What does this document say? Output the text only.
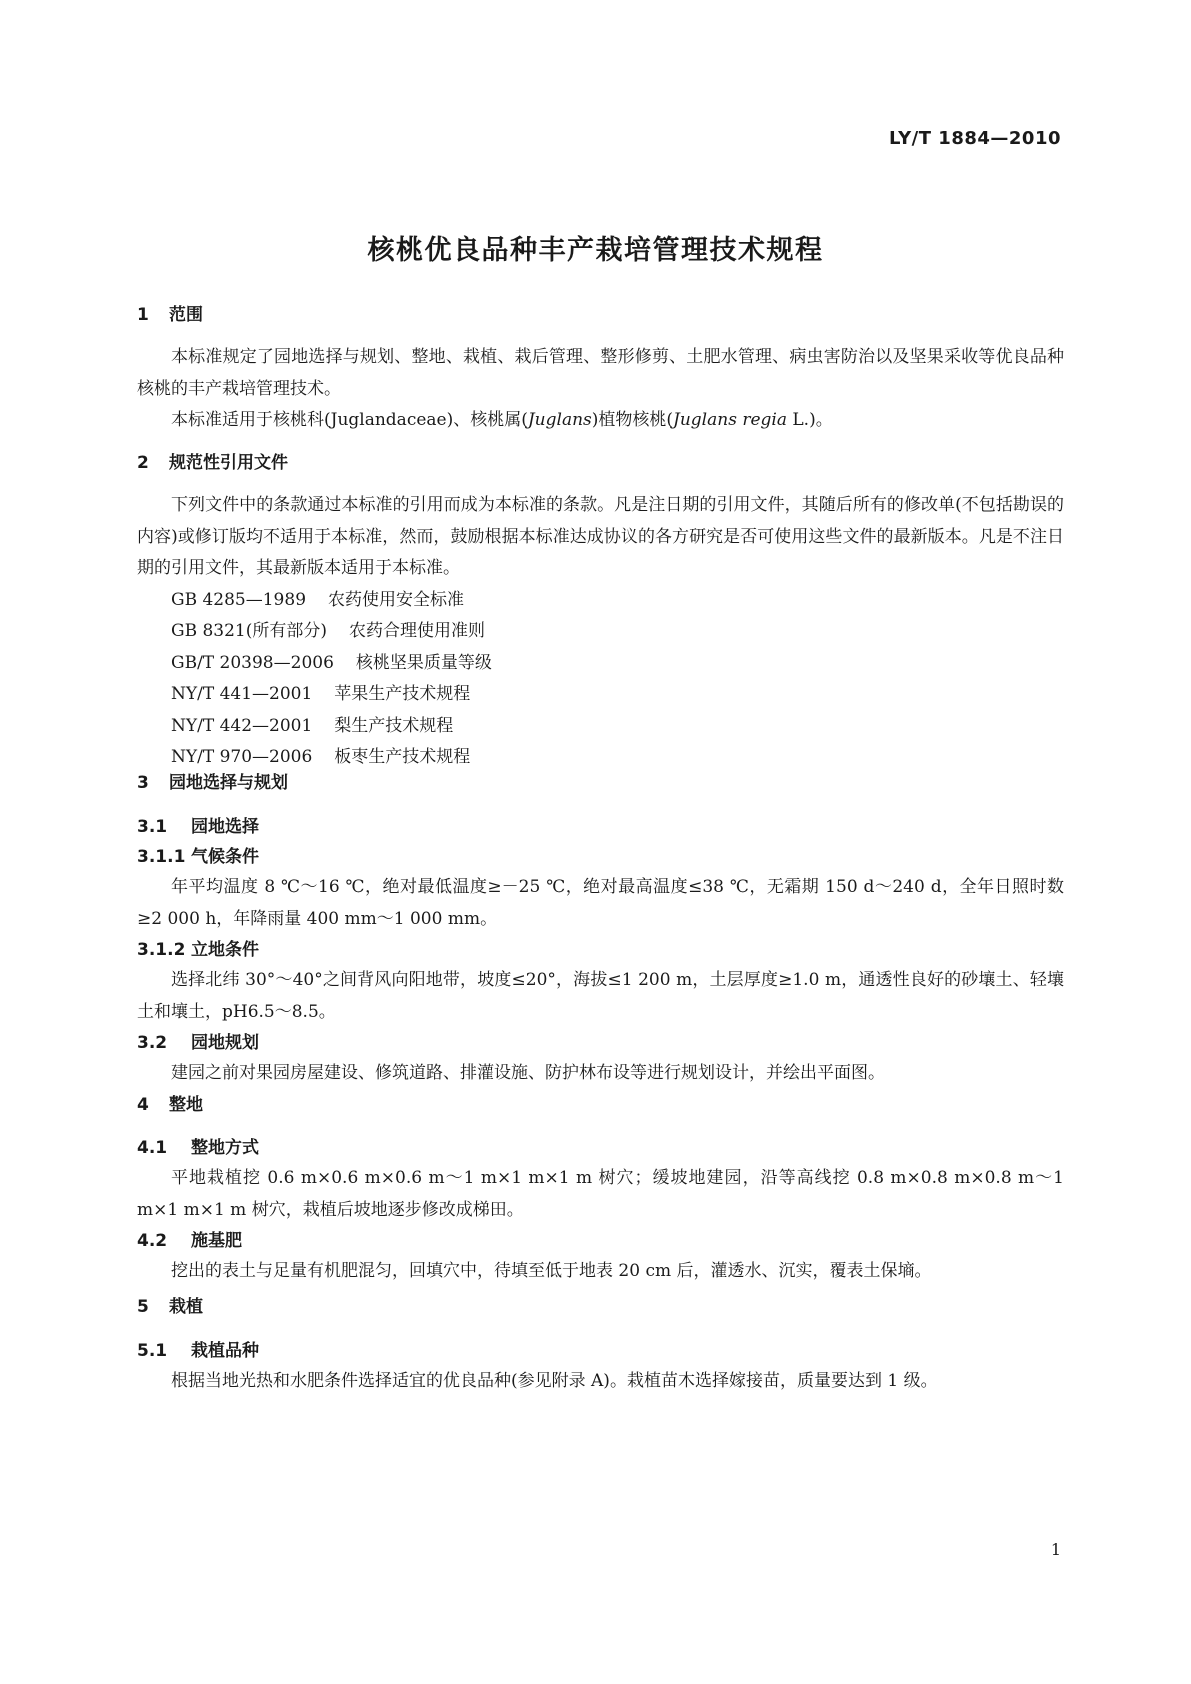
LY/T 1884—2010
核桃优良品种丰产栽培管理技术规程
1 范围
本标准规定了园地选择与规划、整地、栽植、栽后管理、整形修剪、土肥水管理、病虫害防治以及坚果采收等优良品种核桃的丰产栽培管理技术。
本标准适用于核桃科(Juglandaceae)、核桃属(Juglans)植物核桃(Juglans regia L.)。
2 规范性引用文件
下列文件中的条款通过本标准的引用而成为本标准的条款。凡是注日期的引用文件，其随后所有的修改单(不包括勘误的内容)或修订版均不适用于本标准，然而，鼓励根据本标准达成协议的各方研究是否可使用这些文件的最新版本。凡是不注日期的引用文件，其最新版本适用于本标准。
GB 4285—1989 农药使用安全标准
GB 8321(所有部分) 农药合理使用准则
GB/T 20398—2006 核桃坚果质量等级
NY/T 441—2001 苹果生产技术规程
NY/T 442—2001 梨生产技术规程
NY/T 970—2006 板枣生产技术规程
3 园地选择与规划
3.1 园地选择
3.1.1 气候条件
年平均温度 8 ℃～16 ℃，绝对最低温度≥－25 ℃，绝对最高温度≤38 ℃，无霜期 150 d～240 d，全年日照时数≥2 000 h，年降雨量 400 mm～1 000 mm。
3.1.2 立地条件
选择北纬 30°～40°之间背风向阳地带，坡度≤20°，海拔≤1 200 m，土层厚度≥1.0 m，通透性良好的砂壤土、轻壤土和壤土，pH6.5～8.5。
3.2 园地规划
建园之前对果园房屋建设、修筑道路、排灌设施、防护林布设等进行规划设计，并绘出平面图。
4 整地
4.1 整地方式
平地栽植挖 0.6 m×0.6 m×0.6 m～1 m×1 m×1 m 树穴；缓坡地建园，沿等高线挖 0.8 m×0.8 m×0.8 m～1 m×1 m×1 m 树穴，栽植后坡地逐步修改成梯田。
4.2 施基肥
挖出的表土与足量有机肥混匀，回填穴中，待填至低于地表 20 cm 后，灌透水、沉实，覆表土保墒。
5 栽植
5.1 栽植品种
根据当地光热和水肥条件选择适宜的优良品种(参见附录 A)。栽植苗木选择嫁接苗，质量要达到 1 级。
1
